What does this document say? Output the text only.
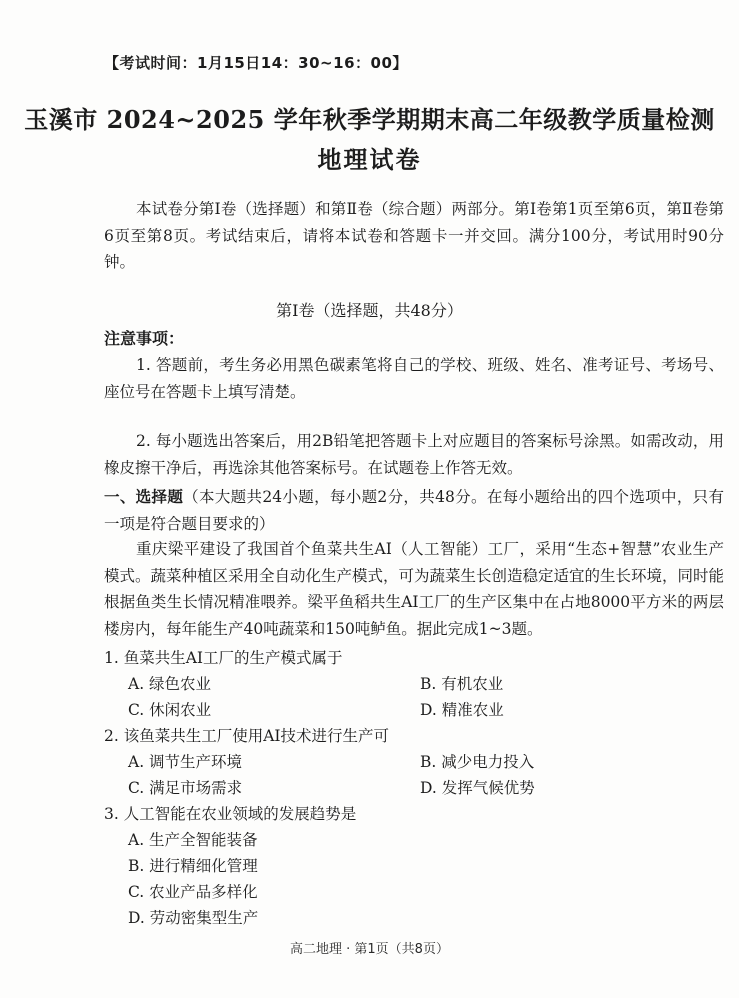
【考试时间：1月15日14：30~16：00】
玉溪市 2024~2025 学年秋季学期期末高二年级教学质量检测
地理试卷
本试卷分第Ⅰ卷（选择题）和第Ⅱ卷（综合题）两部分。第Ⅰ卷第1页至第6页，第Ⅱ卷第6页至第8页。考试结束后，请将本试卷和答题卡一并交回。满分100分，考试用时90分钟。
第Ⅰ卷（选择题，共48分）
注意事项：
1. 答题前，考生务必用黑色碳素笔将自己的学校、班级、姓名、准考证号、考场号、座位号在答题卡上填写清楚。
2. 每小题选出答案后，用2B铅笔把答题卡上对应题目的答案标号涂黑。如需改动，用橡皮擦干净后，再选涂其他答案标号。在试题卷上作答无效。
一、选择题（本大题共24小题，每小题2分，共48分。在每小题给出的四个选项中，只有一项是符合题目要求的）
重庆梁平建设了我国首个鱼菜共生AI（人工智能）工厂，采用“生态+智慧”农业生产模式。蔬菜种植区采用全自动化生产模式，可为蔬菜生长创造稳定适宜的生长环境，同时能根据鱼类生长情况精准喂养。梁平鱼稻共生AI工厂的生产区集中在占地8000平方米的两层楼房内，每年能生产40吨蔬菜和150吨鲈鱼。据此完成1~3题。
1. 鱼菜共生AI工厂的生产模式属于
A. 绿色农业	B. 有机农业
C. 休闲农业	D. 精准农业
2. 该鱼菜共生工厂使用AI技术进行生产可
A. 调节生产环境	B. 减少电力投入
C. 满足市场需求	D. 发挥气候优势
3. 人工智能在农业领域的发展趋势是
A. 生产全智能装备
B. 进行精细化管理
C. 农业产品多样化
D. 劳动密集型生产
高二地理 · 第1页（共8页）
